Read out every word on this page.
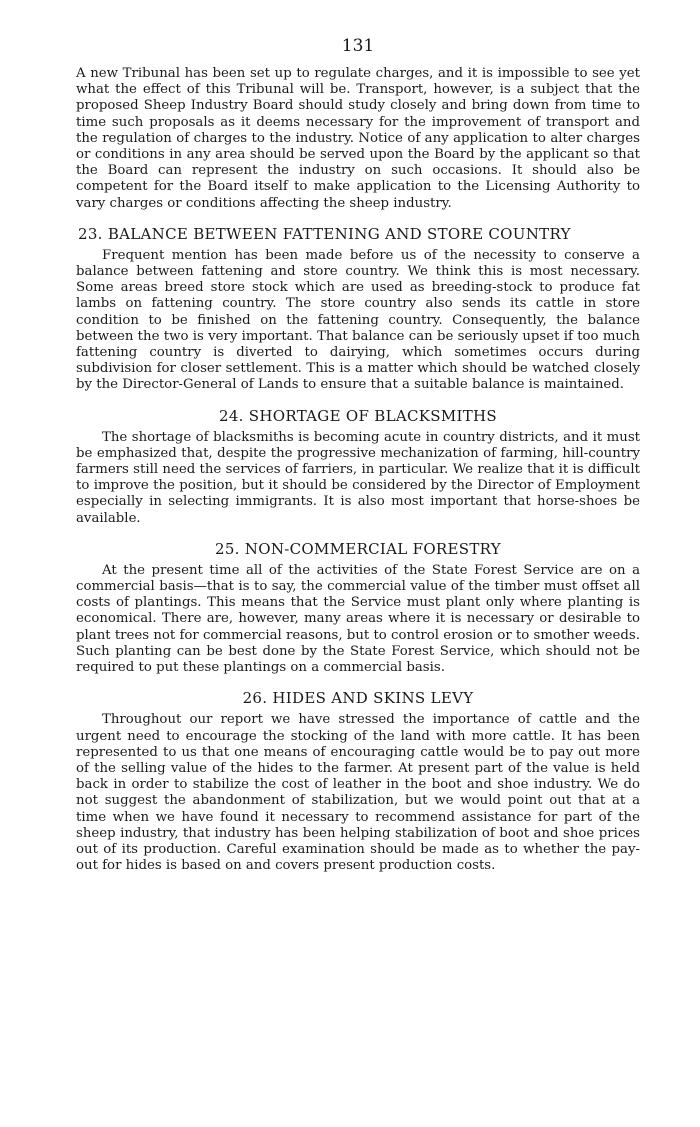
131

A new Tribunal has been set up to regulate charges, and it is impossible to see yet what the effect of this Tribunal will be. Transport, however, is a subject that the proposed Sheep Industry Board should study closely and bring down from time to time such proposals as it deems necessary for the improvement of transport and the regulation of charges to the industry. Notice of any application to alter charges or conditions in any area should be served upon the Board by the applicant so that the Board can represent the industry on such occasions. It should also be competent for the Board itself to make application to the Licensing Authority to vary charges or conditions affecting the sheep industry.

23. BALANCE BETWEEN FATTENING AND STORE COUNTRY

Frequent mention has been made before us of the necessity to conserve a balance between fattening and store country. We think this is most necessary. Some areas breed store stock which are used as breeding-stock to produce fat lambs on fattening country. The store country also sends its cattle in store condition to be finished on the fattening country. Consequently, the balance between the two is very important. That balance can be seriously upset if too much fattening country is diverted to dairying, which sometimes occurs during subdivision for closer settlement. This is a matter which should be watched closely by the Director-General of Lands to ensure that a suitable balance is maintained.

24. SHORTAGE OF BLACKSMITHS

The shortage of blacksmiths is becoming acute in country districts, and it must be emphasized that, despite the progressive mechanization of farming, hill-country farmers still need the services of farriers, in particular. We realize that it is difficult to improve the position, but it should be considered by the Director of Employment especially in selecting immigrants. It is also most important that horse-shoes be available.

25. NON-COMMERCIAL FORESTRY

At the present time all of the activities of the State Forest Service are on a commercial basis—that is to say, the commercial value of the timber must offset all costs of plantings. This means that the Service must plant only where planting is economical. There are, however, many areas where it is necessary or desirable to plant trees not for commercial reasons, but to control erosion or to smother weeds. Such planting can be best done by the State Forest Service, which should not be required to put these plantings on a commercial basis.

26. HIDES AND SKINS LEVY

Throughout our report we have stressed the importance of cattle and the urgent need to encourage the stocking of the land with more cattle. It has been represented to us that one means of encouraging cattle would be to pay out more of the selling value of the hides to the farmer. At present part of the value is held back in order to stabilize the cost of leather in the boot and shoe industry. We do not suggest the abandonment of stabilization, but we would point out that at a time when we have found it necessary to recommend assistance for part of the sheep industry, that industry has been helping stabilization of boot and shoe prices out of its production. Careful examination should be made as to whether the pay-out for hides is based on and covers present production costs.
